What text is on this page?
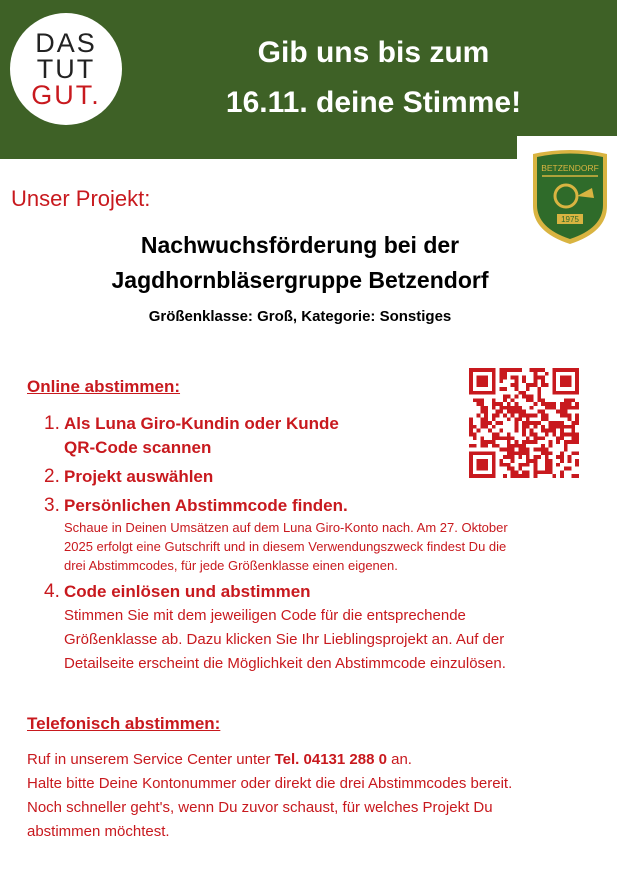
DAS
TUT
GUT.
Gib uns bis zum
16.11. deine Stimme!
BETZENDORF
1975
Unser Projekt:
Nachwuchsförderung bei der
Jagdhornbläsergruppe Betzendorf
Größenklasse: Groß, Kategorie: Sonstiges
Online abstimmen:
1. Als Luna Giro-Kundin oder Kunde
QR-Code scannen
2. Projekt auswählen
3. Persönlichen Abstimmcode finden.
Schaue in Deinen Umsätzen auf dem Luna Giro-Konto nach. Am 27. Oktober
2025 erfolgt eine Gutschrift und in diesem Verwendungszweck findest Du die
drei Abstimmcodes, für jede Größenklasse einen eigenen.
4. Code einlösen und abstimmen
Stimmen Sie mit dem jeweiligen Code für die entsprechende
Größenklasse ab. Dazu klicken Sie Ihr Lieblingsprojekt an. Auf der
Detailseite erscheint die Möglichkeit den Abstimmcode einzulösen.
Telefonisch abstimmen:
Ruf in unserem Service Center unter Tel. 04131 288 0 an.
Halte bitte Deine Kontonummer oder direkt die drei Abstimmcodes bereit.
Noch schneller geht's, wenn Du zuvor schaust, für welches Projekt Du
abstimmen möchtest.
